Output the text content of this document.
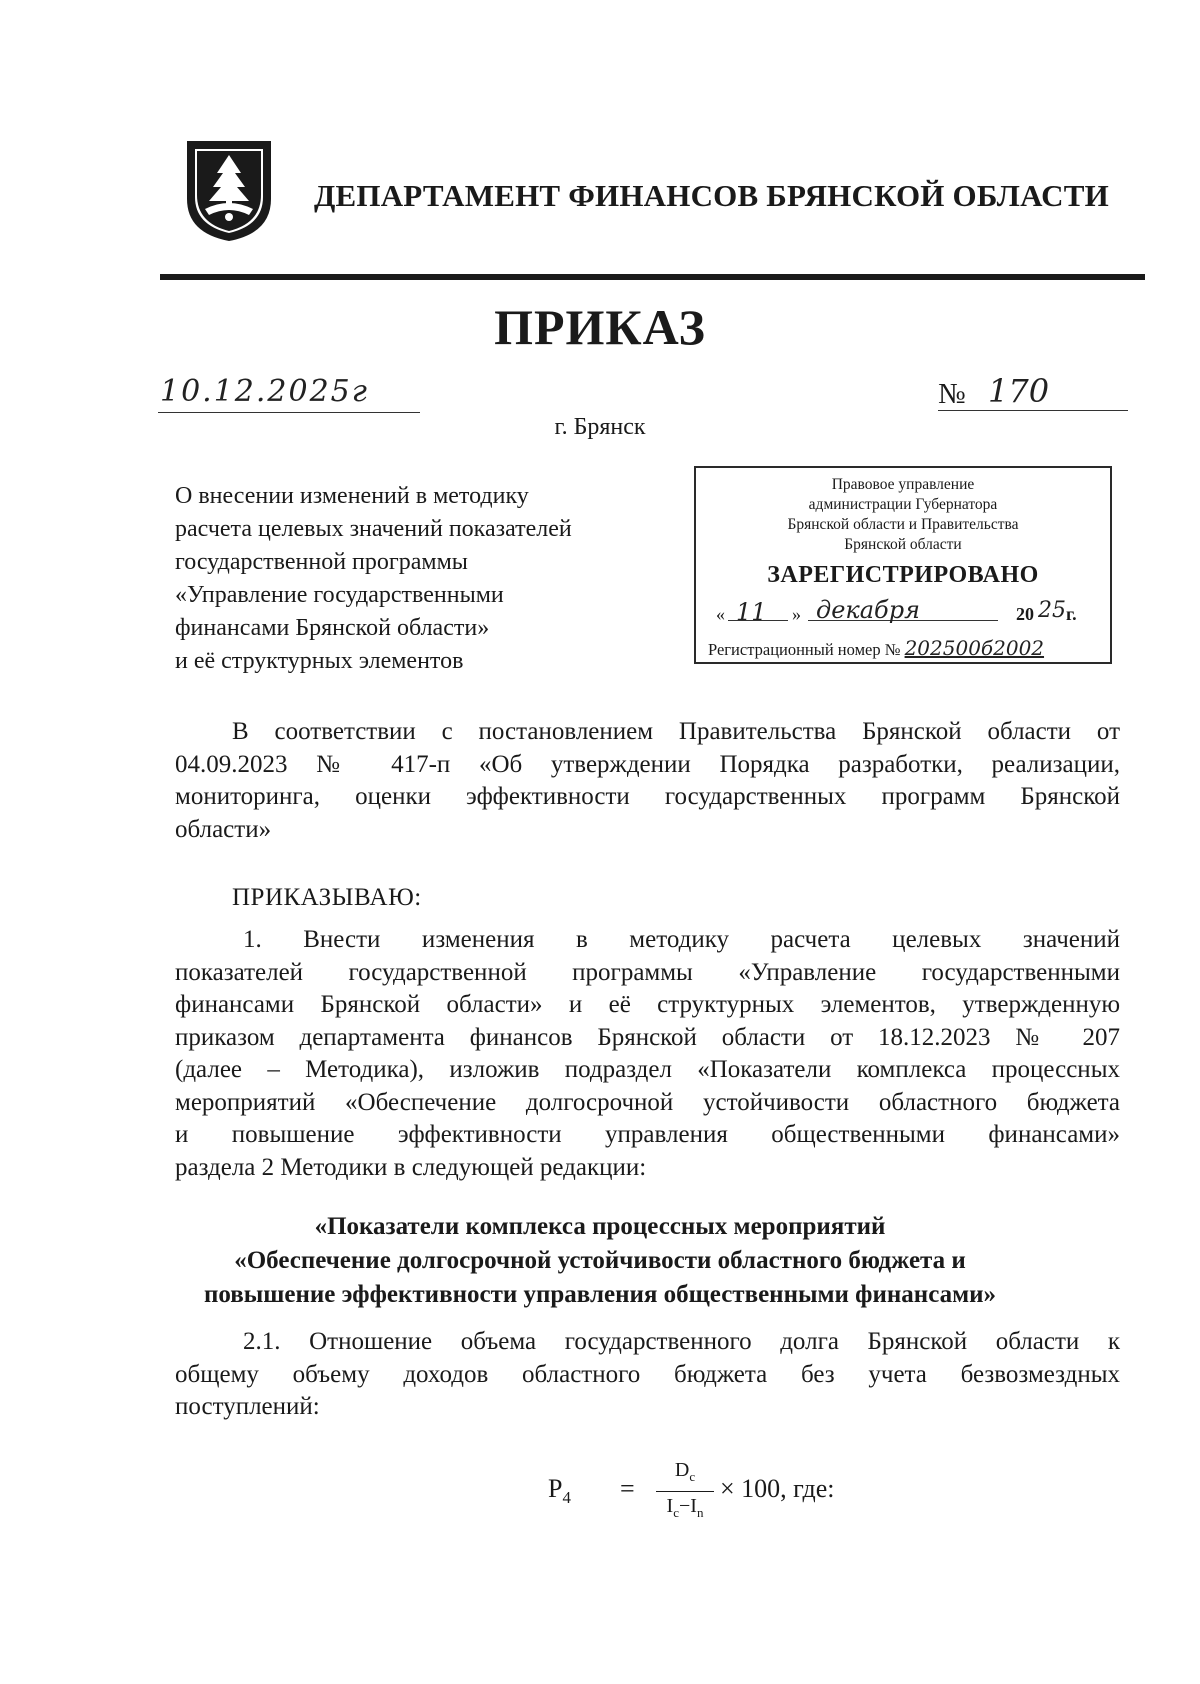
ДЕПАРТАМЕНТ ФИНАНСОВ БРЯНСКОЙ ОБЛАСТИ
ПРИКАЗ
10.12.2025г	№ 170
г. Брянск
О внесении изменений в методику
расчета целевых значений показателей
государственной программы
«Управление государственными
финансами Брянской области»
и её структурных элементов
Правовое управление
администрации Губернатора
Брянской области и Правительства
Брянской области
ЗАРЕГИСТРИРОВАНО
« 11 » декабря	20 25 г.
Регистрационный номер № 202500б2002
В соответствии с постановлением Правительства Брянской области от
04.09.2023 № 417-п «Об утверждении Порядка разработки, реализации,
мониторинга, оценки эффективности государственных программ Брянской
области»
ПРИКАЗЫВАЮ:
1. Внести изменения в методику расчета целевых значений
показателей государственной программы «Управление государственными
финансами Брянской области» и её структурных элементов, утвержденную
приказом департамента финансов Брянской области от 18.12.2023 № 207
(далее – Методика), изложив подраздел «Показатели комплекса процессных
мероприятий «Обеспечение долгосрочной устойчивости областного бюджета
и повышение эффективности управления общественными финансами»
раздела 2 Методики в следующей редакции:
«Показатели комплекса процессных мероприятий
«Обеспечение долгосрочной устойчивости областного бюджета и
повышение эффективности управления общественными финансами»
2.1. Отношение объема государственного долга Брянской области к
общему объему доходов областного бюджета без учета безвозмездных
поступлений:
$P_4$ =
$D_c$
$I_c-I_n$
× 100, где:
